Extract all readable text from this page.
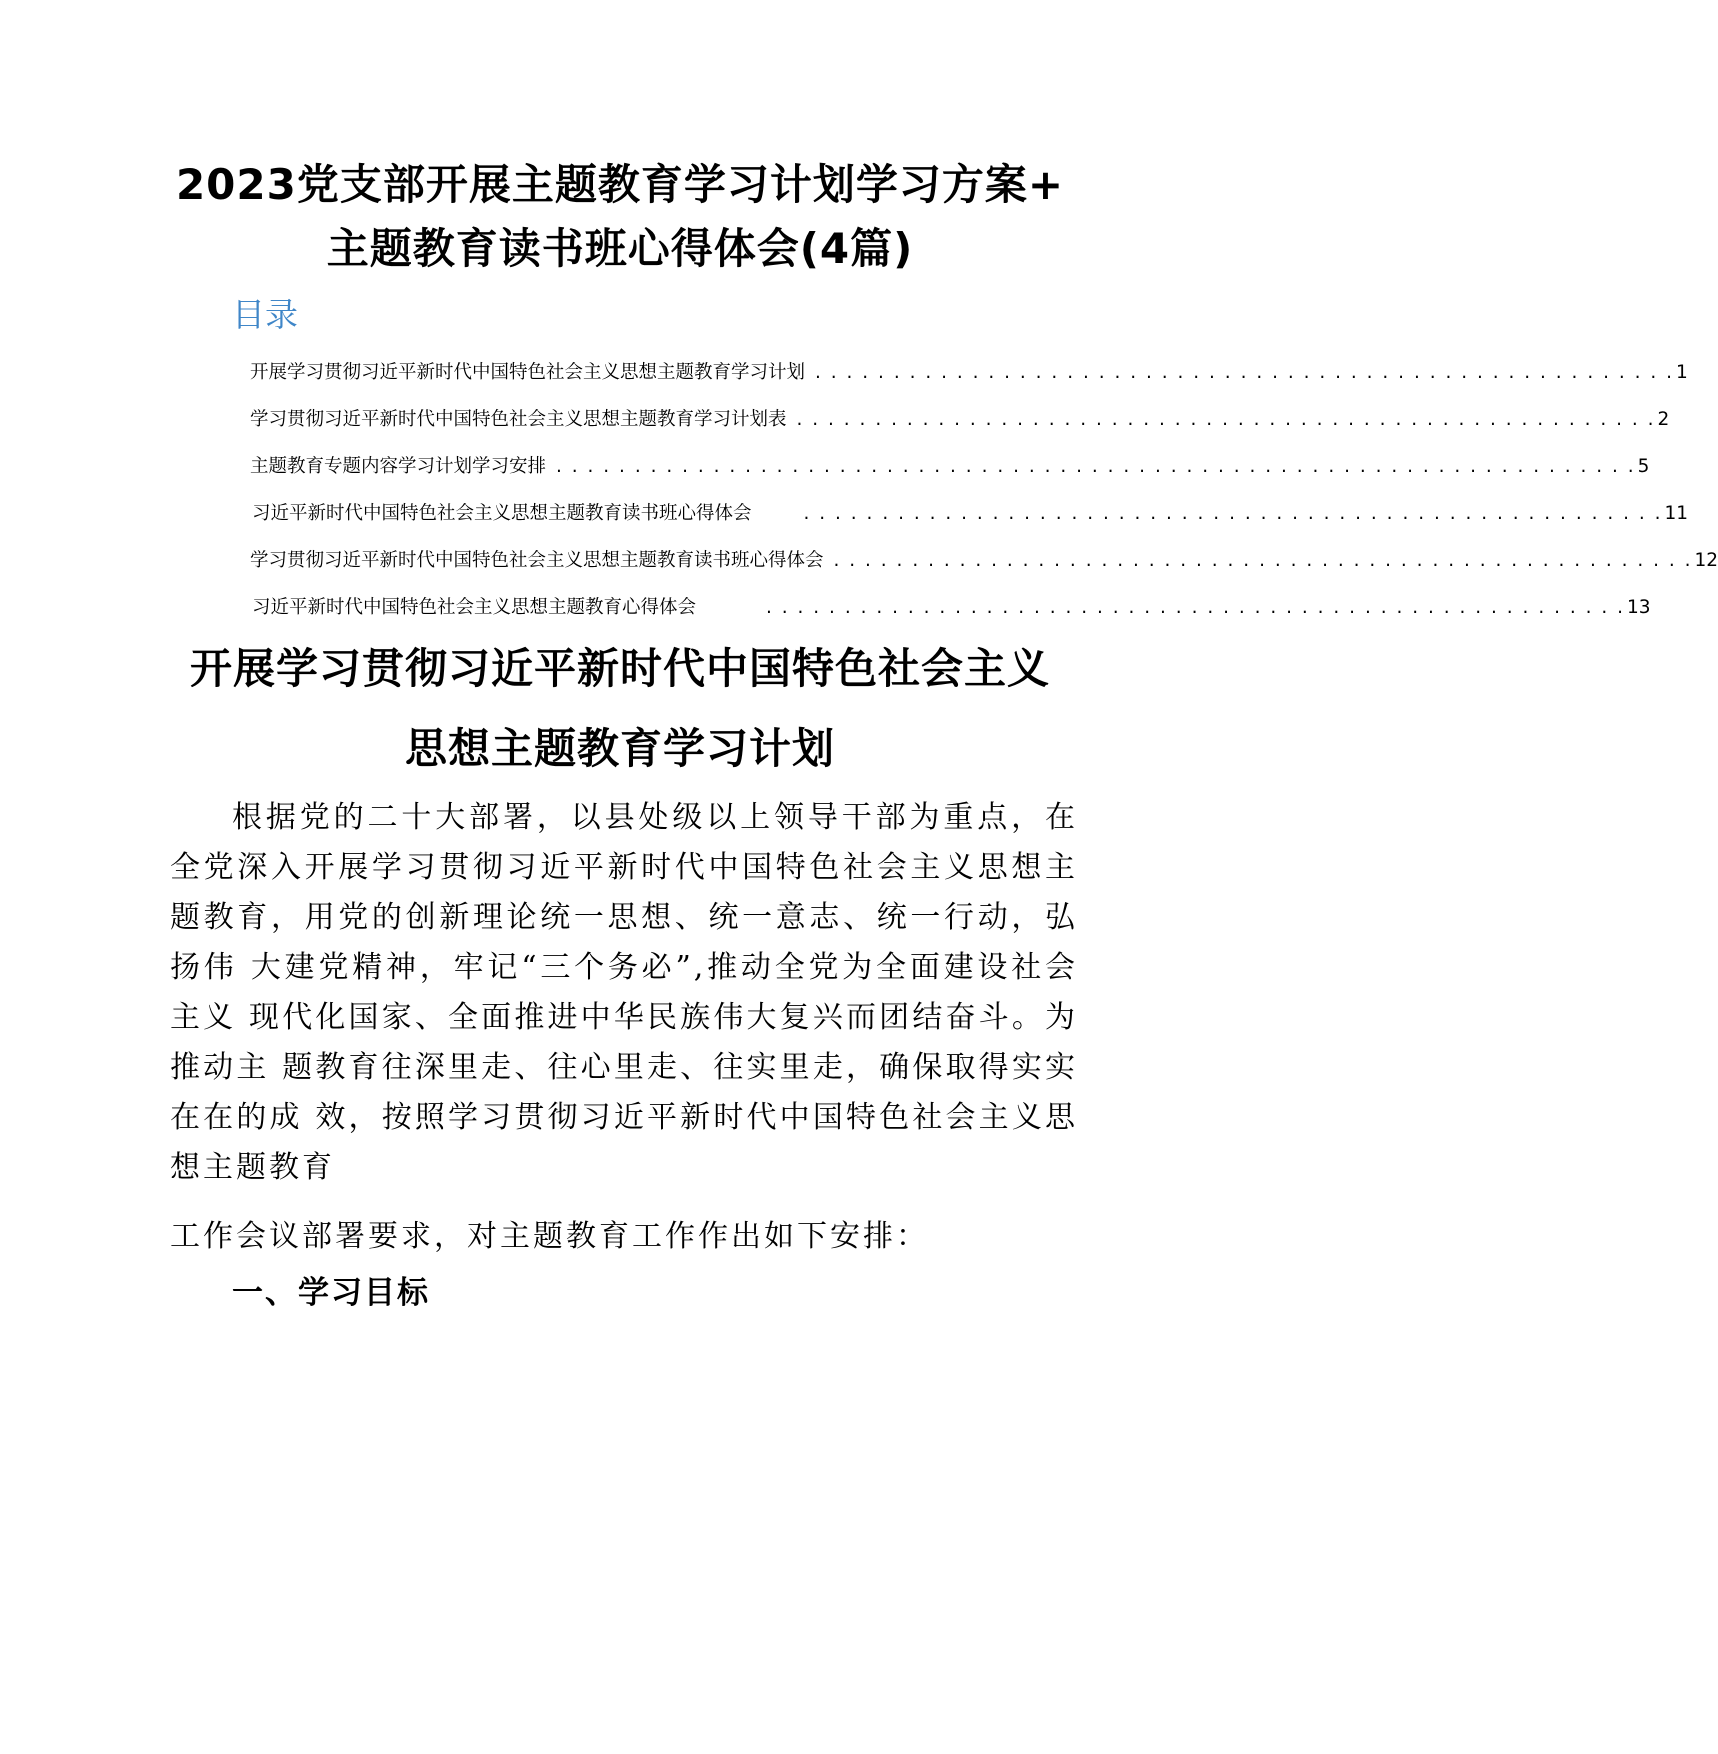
2023党支部开展主题教育学习计划学习方案+
主题教育读书班心得体会(4篇)
目录
开展学习贯彻习近平新时代中国特色社会主义思想主题教育学习计划 . . . . . . . . . . . . . . . . . . . . . . . . . . . . . . . . . . . . . . . . . . . . . . . . . . . . . . . 1
学习贯彻习近平新时代中国特色社会主义思想主题教育学习计划表 . . . . . . . . . . . . . . . . . . . . . . . . . . . . . . . . . . . . . . . . . . . . . . . . . . . . . . . 2
主题教育专题内容学习计划学习安排 . . . . . . . . . . . . . . . . . . . . . . . . . . . . . . . . . . . . . . . . . . . . . . . . . . . . . . . . . . . . . . . . . . . . . 5
习近平新时代中国特色社会主义思想主题教育读书班心得体会	. . . . . . . . . . . . . . . . . . . . . . . . . . . . . . . . . . . . . . . . . . . . . . . . . . . . . . . 11
学习贯彻习近平新时代中国特色社会主义思想主题教育读书班心得体会 . . . . . . . . . . . . . . . . . . . . . . . . . . . . . . . . . . . . . . . . . . . . . . . . . . . . . . . 12
习近平新时代中国特色社会主义思想主题教育心得体会	. . . . . . . . . . . . . . . . . . . . . . . . . . . . . . . . . . . . . . . . . . . . . . . . . . . . . . . 13
开展学习贯彻习近平新时代中国特色社会主义
思想主题教育学习计划

根据党的二十大部署，以县处级以上领导干部为重点，在全党深入开展学习贯彻习近平新时代中国特色社会主义思想主题教育，用党的创新理论统一思想、统一意志、统一行动，弘扬伟 大建党精神，牢记“三个务必”,推动全党为全面建设社会主义 现代化国家、全面推进中华民族伟大复兴而团结奋斗。为推动主 题教育往深里走、往心里走、往实里走，确保取得实实在在的成 效，按照学习贯彻习近平新时代中国特色社会主义思想主题教育

工作会议部署要求，对主题教育工作作出如下安排：

一、学习目标
